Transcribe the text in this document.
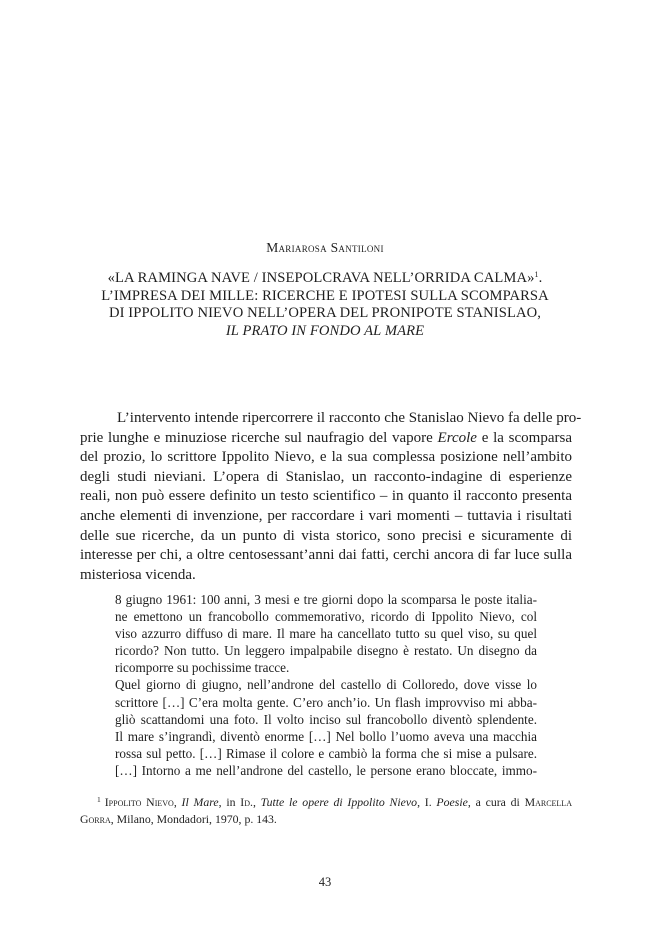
Mariarosa Santiloni
«LA RAMINGA NAVE / INSEPOLCRAVA NELL’ORRIDA CALMA»$^1$.
L’IMPRESA DEI MILLE: RICERCHE E IPOTESI SULLA SCOMPARSA
DI IPPOLITO NIEVO NELL’OPERA DEL PRONIPOTE STANISLAO,
IL PRATO IN FONDO AL MARE
L’intervento intende ripercorrere il racconto che Stanislao Nievo fa delle pro-
prie lunghe e minuziose ricerche sul naufragio del vapore Ercole e la scomparsa
del prozio, lo scrittore Ippolito Nievo, e la sua complessa posizione nell’ambito
degli studi nieviani. L’opera di Stanislao, un racconto-indagine di esperienze
reali, non può essere definito un testo scientifico – in quanto il racconto presenta
anche elementi di invenzione, per raccordare i vari momenti – tuttavia i risultati
delle sue ricerche, da un punto di vista storico, sono precisi e sicuramente di
interesse per chi, a oltre centosessant’anni dai fatti, cerchi ancora di far luce sulla
misteriosa vicenda.
8 giugno 1961: 100 anni, 3 mesi e tre giorni dopo la scomparsa le poste italia-
ne emettono un francobollo commemorativo, ricordo di Ippolito Nievo, col
viso azzurro diffuso di mare. Il mare ha cancellato tutto su quel viso, su quel
ricordo? Non tutto. Un leggero impalpabile disegno è restato. Un disegno da
ricomporre su pochissime tracce.
Quel giorno di giugno, nell’androne del castello di Colloredo, dove visse lo
scrittore […] C’era molta gente. C’ero anch’io. Un flash improvviso mi abba-
gliò scattandomi una foto. Il volto inciso sul francobollo diventò splendente.
Il mare s’ingrandì, diventò enorme […] Nel bollo l’uomo aveva una macchia
rossa sul petto. […] Rimase il colore e cambiò la forma che si mise a pulsare.
[…] Intorno a me nell’androne del castello, le persone erano bloccate, immo-
$^1$ Ippolito Nievo, Il Mare, in Id., Tutte le opere di Ippolito Nievo, I. Poesie, a cura di Marcella
Gorra, Milano, Mondadori, 1970, p. 143.
43
